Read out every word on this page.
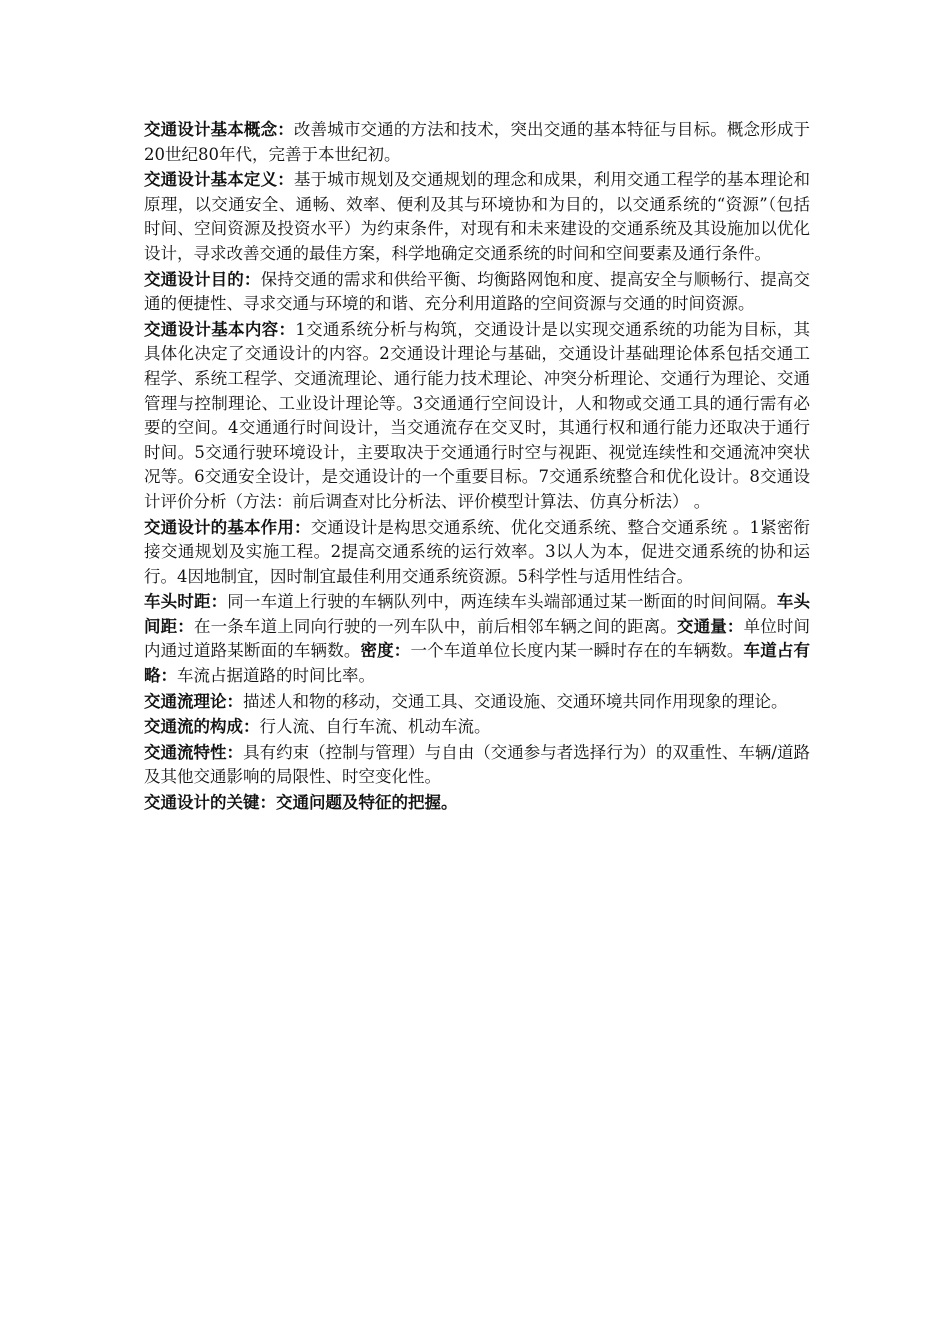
交通设计基本概念：改善城市交通的方法和技术，突出交通的基本特征与目标。概念形成于20世纪80年代，完善于本世纪初。

交通设计基本定义：基于城市规划及交通规划的理念和成果，利用交通工程学的基本理论和原理，以交通安全、通畅、效率、便利及其与环境协和为目的，以交通系统的“资源”（包括时间、空间资源及投资水平）为约束条件，对现有和未来建设的交通系统及其设施加以优化设计，寻求改善交通的最佳方案，科学地确定交通系统的时间和空间要素及通行条件。

交通设计目的：保持交通的需求和供给平衡、均衡路网饱和度、提高安全与顺畅行、提高交通的便捷性、寻求交通与环境的和谐、充分利用道路的空间资源与交通的时间资源。

交通设计基本内容：1交通系统分析与构筑，交通设计是以实现交通系统的功能为目标，其具体化决定了交通设计的内容。2交通设计理论与基础，交通设计基础理论体系包括交通工程学、系统工程学、交通流理论、通行能力技术理论、冲突分析理论、交通行为理论、交通管理与控制理论、工业设计理论等。3交通通行空间设计，人和物或交通工具的通行需有必要的空间。4交通通行时间设计，当交通流存在交叉时，其通行权和通行能力还取决于通行时间。5交通行驶环境设计，主要取决于交通通行时空与视距、视觉连续性和交通流冲突状况等。6交通安全设计，是交通设计的一个重要目标。7交通系统整合和优化设计。8交通设计评价分析（方法：前后调查对比分析法、评价模型计算法、仿真分析法） 。

交通设计的基本作用：交通设计是构思交通系统、优化交通系统、整合交通系统 。1紧密衔接交通规划及实施工程。2提高交通系统的运行效率。3以人为本，促进交通系统的协和运行。4因地制宜，因时制宜最佳利用交通系统资源。5科学性与适用性结合。

车头时距：同一车道上行驶的车辆队列中，两连续车头端部通过某一断面的时间间隔。车头间距：在一条车道上同向行驶的一列车队中，前后相邻车辆之间的距离。交通量：单位时间内通过道路某断面的车辆数。密度：一个车道单位长度内某一瞬时存在的车辆数。车道占有略：车流占据道路的时间比率。

交通流理论：描述人和物的移动，交通工具、交通设施、交通环境共同作用现象的理论。

交通流的构成：行人流、自行车流、机动车流。

交通流特性：具有约束（控制与管理）与自由（交通参与者选择行为）的双重性、车辆/道路及其他交通影响的局限性、时空变化性。

交通设计的关键：交通问题及特征的把握。
